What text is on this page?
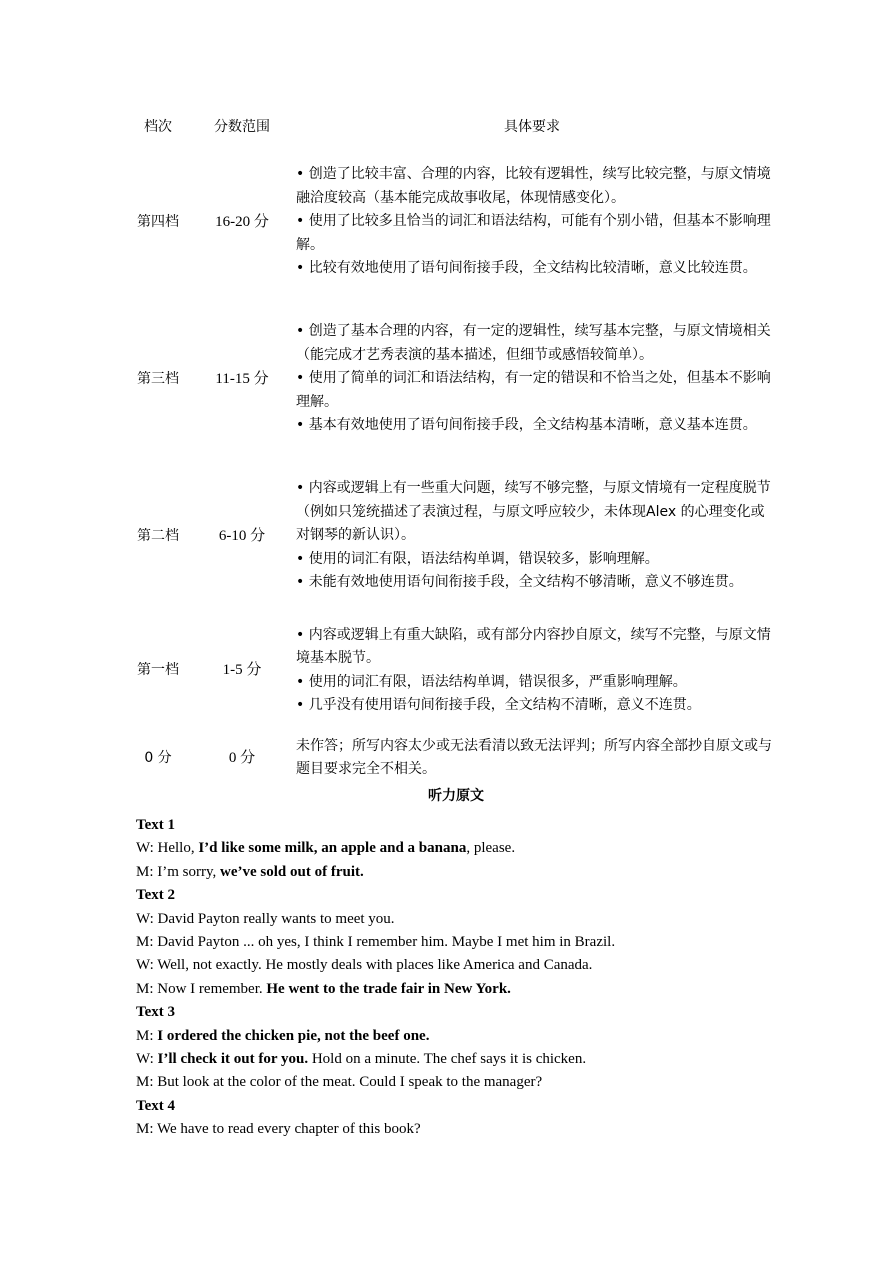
档次	分数范围	具体要求
第四档	16-20 分	• 创造了比较丰富、合理的内容，比较有逻辑性，续写比较完整，与原文情境融洽度较高（基本能完成故事收尾，体现情感变化）。
• 使用了比较多且恰当的词汇和语法结构，可能有个别小错，但基本不影响理解。
• 比较有效地使用了语句间衔接手段，全文结构比较清晰，意义比较连贯。

第三档	11-15 分	• 创造了基本合理的内容，有一定的逻辑性，续写基本完整，与原文情境相关（能完成才艺秀表演的基本描述，但细节或感悟较简单）。
• 使用了简单的词汇和语法结构，有一定的错误和不恰当之处，但基本不影响理解。
• 基本有效地使用了语句间衔接手段，全文结构基本清晰，意义基本连贯。

第二档	6-10 分	• 内容或逻辑上有一些重大问题，续写不够完整，与原文情境有一定程度脱节（例如只笼统描述了表演过程，与原文呼应较少，未体现Alex 的心理变化或对钢琴的新认识）。
• 使用的词汇有限，语法结构单调，错误较多，影响理解。
• 未能有效地使用语句间衔接手段，全文结构不够清晰，意义不够连贯。

第一档	1-5 分	• 内容或逻辑上有重大缺陷，或有部分内容抄自原文，续写不完整，与原文情境基本脱节。
• 使用的词汇有限，语法结构单调，错误很多，严重影响理解。
• 几乎没有使用语句间衔接手段，全文结构不清晰，意义不连贯。

0 分	0 分	未作答；所写内容太少或无法看清以致无法评判；所写内容全部抄自原文或与题目要求完全不相关。
听力原文
Text 1
W: Hello, I’d like some milk, an apple and a banana, please.
M: I’m sorry, we’ve sold out of fruit.
Text 2
W: David Payton really wants to meet you.
M: David Payton ... oh yes, I think I remember him. Maybe I met him in Brazil.
W: Well, not exactly. He mostly deals with places like America and Canada.
M: Now I remember. He went to the trade fair in New York.
Text 3
M: I ordered the chicken pie, not the beef one.
W: I’ll check it out for you. Hold on a minute. The chef says it is chicken.
M: But look at the color of the meat. Could I speak to the manager?
Text 4
M: We have to read every chapter of this book?
